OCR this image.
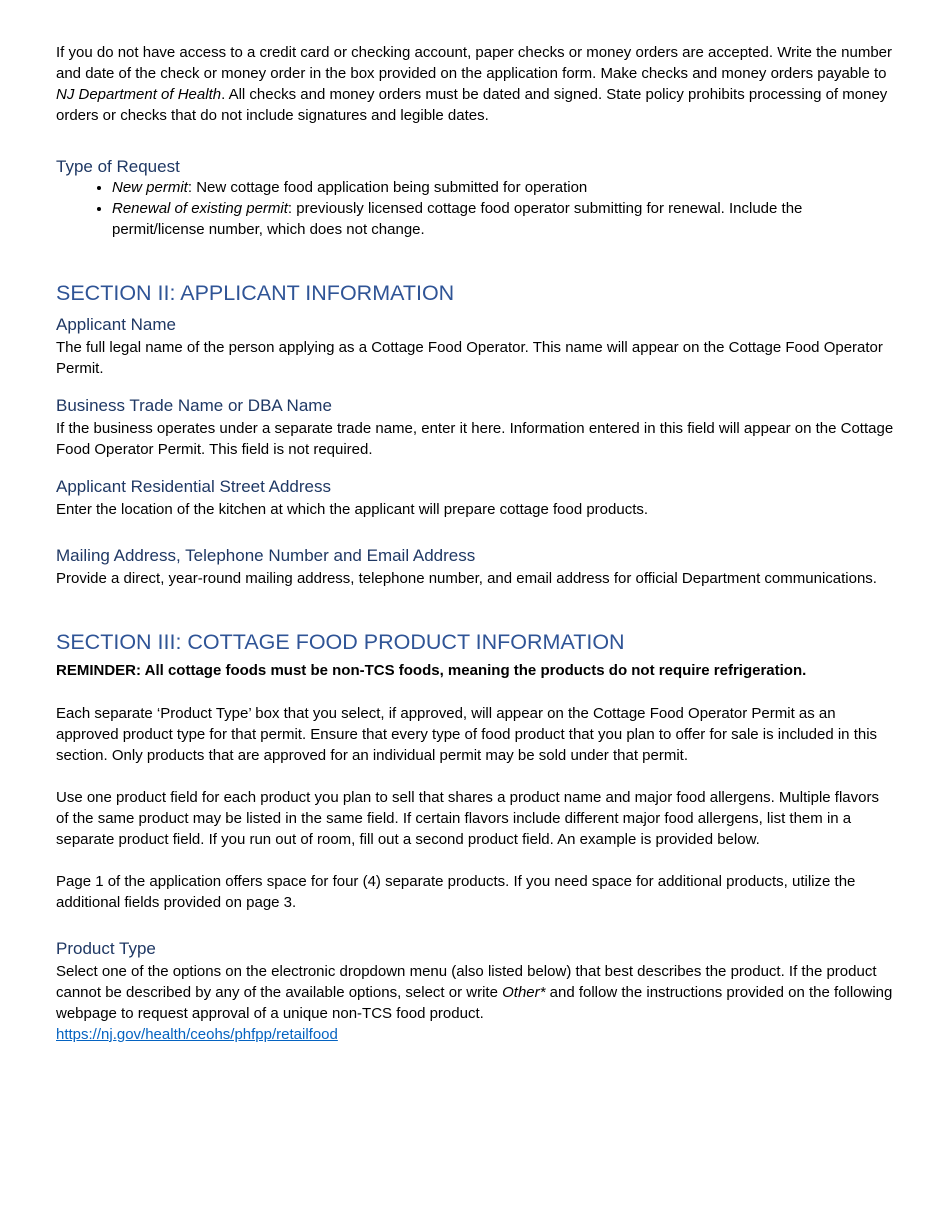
If you do not have access to a credit card or checking account, paper checks or money orders are accepted. Write the number and date of the check or money order in the box provided on the application form. Make checks and money orders payable to NJ Department of Health. All checks and money orders must be dated and signed. State policy prohibits processing of money orders or checks that do not include signatures and legible dates.

Type of Request
• New permit: New cottage food application being submitted for operation
• Renewal of existing permit: previously licensed cottage food operator submitting for renewal. Include the permit/license number, which does not change.
SECTION II: APPLICANT INFORMATION
Applicant Name

The full legal name of the person applying as a Cottage Food Operator. This name will appear on the Cottage Food Operator Permit.

Business Trade Name or DBA Name

If the business operates under a separate trade name, enter it here. Information entered in this field will appear on the Cottage Food Operator Permit. This field is not required.

Applicant Residential Street Address

Enter the location of the kitchen at which the applicant will prepare cottage food products.

Mailing Address, Telephone Number and Email Address

Provide a direct, year-round mailing address, telephone number, and email address for official Department communications.

SECTION III: COTTAGE FOOD PRODUCT INFORMATION

REMINDER: All cottage foods must be non-TCS foods, meaning the products do not require refrigeration.

Each separate ‘Product Type’ box that you select, if approved, will appear on the Cottage Food Operator Permit as an approved product type for that permit. Ensure that every type of food product that you plan to offer for sale is included in this section. Only products that are approved for an individual permit may be sold under that permit.

Use one product field for each product you plan to sell that shares a product name and major food allergens. Multiple flavors of the same product may be listed in the same field. If certain flavors include different major food allergens, list them in a separate product field. If you run out of room, fill out a second product field. An example is provided below.

Page 1 of the application offers space for four (4) separate products. If you need space for additional products, utilize the additional fields provided on page 3.

Product Type

Select one of the options on the electronic dropdown menu (also listed below) that best describes the product. If the product cannot be described by any of the available options, select or write Other* and follow the instructions provided on the following webpage to request approval of a unique non-TCS food product.

https://nj.gov/health/ceohs/phfpp/retailfood
